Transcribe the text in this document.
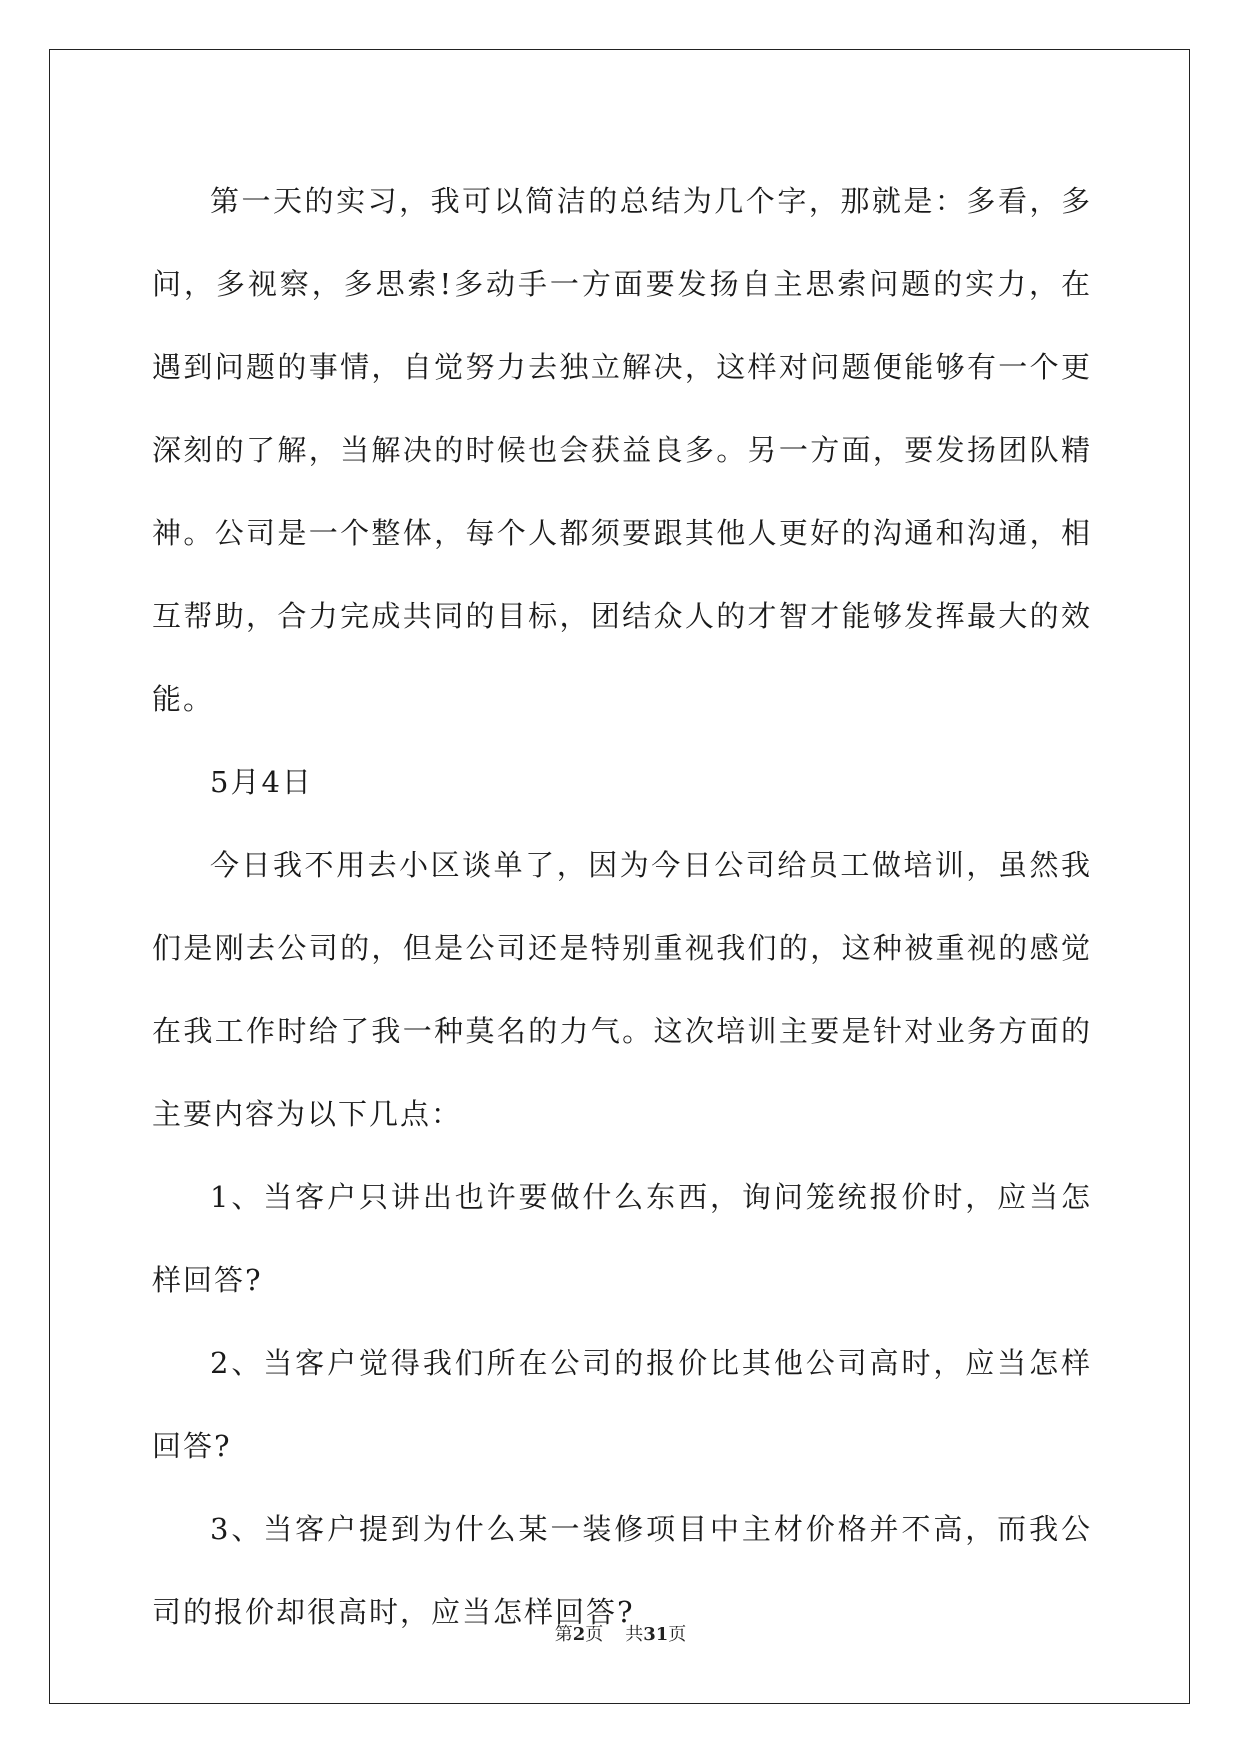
第一天的实习，我可以简洁的总结为几个字，那就是：多看，多问，多视察，多思索!多动手一方面要发扬自主思索问题的实力，在遇到问题的事情，自觉努力去独立解决，这样对问题便能够有一个更深刻的了解，当解决的时候也会获益良多。另一方面，要发扬团队精神。公司是一个整体，每个人都须要跟其他人更好的沟通和沟通，相互帮助，合力完成共同的目标，团结众人的才智才能够发挥最大的效能。

5月4日

今日我不用去小区谈单了，因为今日公司给员工做培训，虽然我们是刚去公司的，但是公司还是特别重视我们的，这种被重视的感觉在我工作时给了我一种莫名的力气。这次培训主要是针对业务方面的主要内容为以下几点：

1、当客户只讲出也许要做什么东西，询问笼统报价时，应当怎样回答?

2、当客户觉得我们所在公司的报价比其他公司高时，应当怎样回答?

3、当客户提到为什么某一装修项目中主材价格并不高，而我公司的报价却很高时，应当怎样回答?

第2页 共31页
